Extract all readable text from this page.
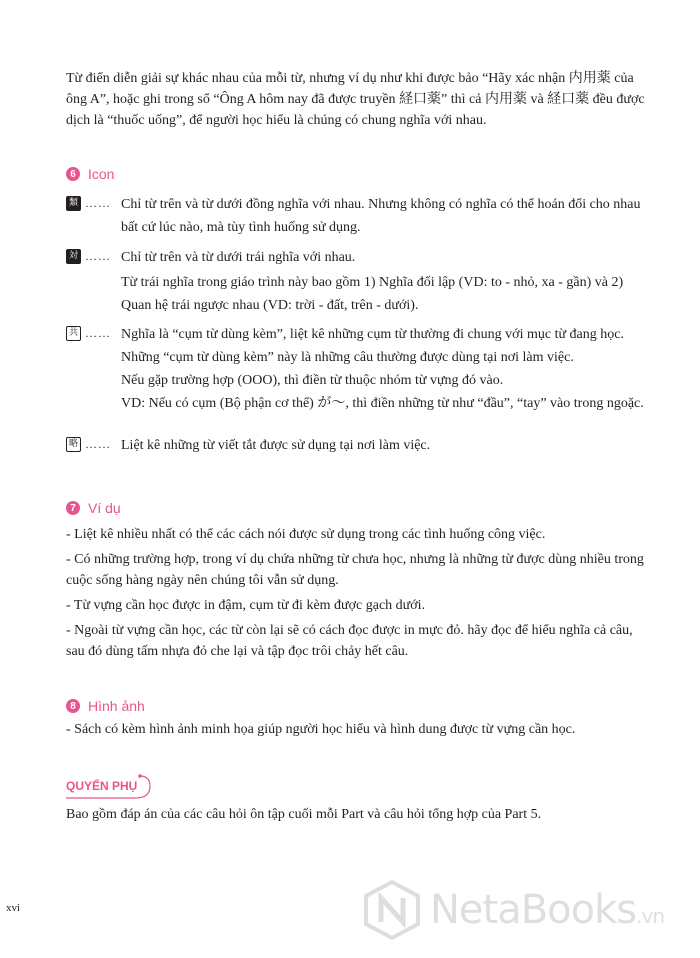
Từ điển diễn giải sự khác nhau của mỗi từ, nhưng ví dụ như khi được bảo “Hãy xác nhận 内用薬 của ông A”, hoặc ghi trong sổ “Ông A hôm nay đã được truyền 経口薬” thì cả 内用薬 và 経口薬 đều được dịch là “thuốc uống”, để người học hiểu là chúng có chung nghĩa với nhau.

6 Icon
類 …… Chỉ từ trên và từ dưới đồng nghĩa với nhau. Nhưng không có nghĩa có thể hoán đổi cho nhau bất cứ lúc nào, mà tùy tình huống sử dụng.

対 …… Chỉ từ trên và từ dưới trái nghĩa với nhau.

Từ trái nghĩa trong giáo trình này bao gồm 1) Nghĩa đối lập (VD: to - nhỏ, xa - gần) và 2) Quan hệ trái ngược nhau (VD: trời - đất, trên - dưới).

共 …… Nghĩa là “cụm từ dùng kèm”, liệt kê những cụm từ thường đi chung với mục từ đang học.

Những “cụm từ dùng kèm” này là những câu thường được dùng tại nơi làm việc.

Nếu gặp trường hợp (OOO), thì điền từ thuộc nhóm từ vựng đó vào.

VD: Nếu có cụm (Bộ phận cơ thể) が〜, thì điền những từ như “đầu”, “tay” vào trong ngoặc.

略 …… Liệt kê những từ viết tắt được sử dụng tại nơi làm việc.

7 Ví dụ

- Liệt kê nhiều nhất có thể các cách nói được sử dụng trong các tình huống công việc.

- Có những trường hợp, trong ví dụ chứa những từ chưa học, nhưng là những từ được dùng nhiều trong cuộc sống hàng ngày nên chúng tôi vẫn sử dụng.

- Từ vựng cần học được in đậm, cụm từ đi kèm được gạch dưới.

- Ngoài từ vựng cần học, các từ còn lại sẽ có cách đọc được in mực đỏ. hãy đọc để hiểu nghĩa cả câu, sau đó dùng tấm nhựa đỏ che lại và tập đọc trôi chảy hết câu.

8 Hình ảnh

- Sách có kèm hình ảnh minh họa giúp người học hiểu và hình dung được từ vựng cần học.

QUYỂN PHỤ

Bao gồm đáp án của các câu hỏi ôn tập cuối mỗi Part và câu hỏi tổng hợp của Part 5.

xvi	NetaBooks.vn
